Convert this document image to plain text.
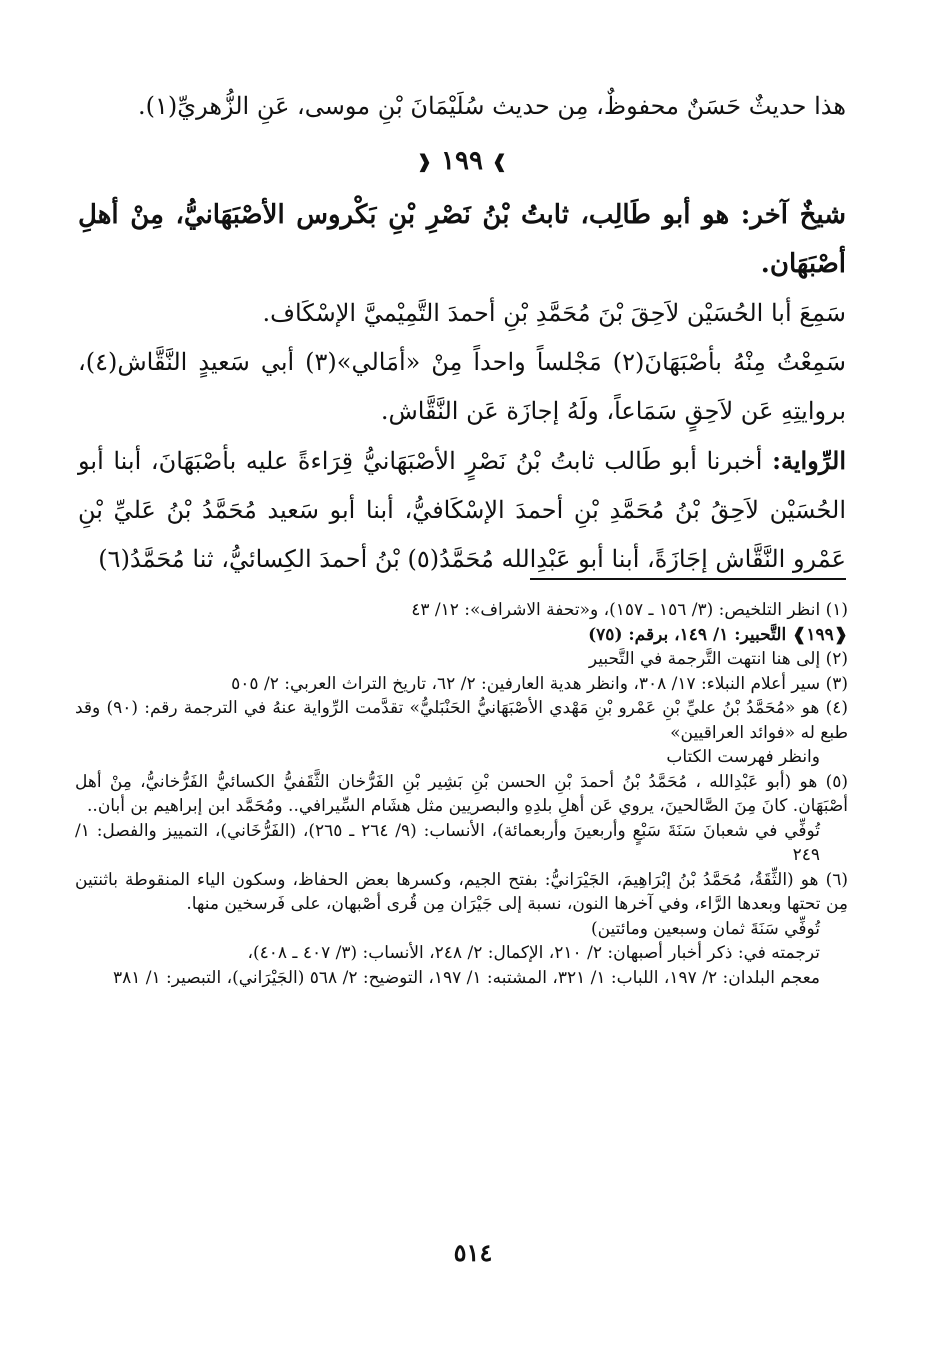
هذا حديثٌ حَسَنٌ محفوظٌ، مِن حديث سُلَيْمَانَ بْنِ موسى، عَنِ الزُّهريِّ(١).

❱ ١٩٩ ❰

شيخٌ آخر: هو أبو طَالِب، ثابتُ بْنُ نَصْرِ بْنِ بَكْروس الأصْبَهَانيُّ، مِنْ أهلِ أصْبَهَان.

سَمِعَ أبا الحُسَيْن لاَحِقَ بْنَ مُحَمَّدِ بْنِ أحمدَ التَّمِيْميَّ الإسْكَاف.

سَمِعْتُ مِنْهُ بأصْبَهَانَ(٢) مَجْلساً واحداً مِنْ «أمَالي»(٣) أبي سَعيدٍ النَّقَّاش(٤)، بروايتِهِ عَن لاَحِقٍ سَمَاعاً، ولَهُ إجازَة عَن النَّقَّاش.

الرِّواية: أخبرنا أبو طَالب ثابتُ بْنُ نَصْرٍ الأصْبَهَانيُّ قِرَاءةً عليه بأصْبَهَانَ، أبنا أبو الحُسَيْن لاَحِقُ بْنُ مُحَمَّدِ بْنِ أحمدَ الإسْكَافيُّ، أبنا أبو سَعيد مُحَمَّدُ بْنُ عَليِّ بْنِ عَمْرو النَّقَّاش إجَازَةً، أبنا أبو عَبْدِالله مُحَمَّدُ(٥) بْنُ أحمدَ الكِسائيُّ، ثنا مُحَمَّدُ(٦)

(١) انظر التلخيص: (٣/ ١٥٦ ـ ١٥٧)، و«تحفة الاشراف»: ١٢/ ٤٣

❰١٩٩❱ التَّحبير: ١/ ١٤٩، برقم: (٧٥)

(٢) إلى هنا انتهت التَّرجمة في التَّحبير

(٣) سير أعلام النبلاء: ١٧/ ٣٠٨، وانظر هدية العارفين: ٢/ ٦٢، تاريخ التراث العربي: ٢/ ٥٠٥

(٤) هو «مُحَمَّدُ بْنُ عليِّ بْنِ عَمْرو بْنِ مَهْدي الأصْبَهَانيُّ الحَنْبَليُّ» تقدَّمت الرِّواية عنهُ في الترجمة رقم: (٩٠) وقد طبع له «فوائد العراقيين»

وانظر فهرست الكتاب

(٥) هو (أبو عَبْدِالله ، مُحَمَّدُ بْنُ أحمدَ بْنِ الحسن بْنِ بَشِير بْنِ الفَرُّخان الثَّقَفيُّ الكسائيُّ الفَرُّخانيُّ، مِنْ أهل أصْبَهَان. كانَ مِنَ الصَّالحينَ، يروي عَن أهلِ بلدِهِ والبصريين مثل هشَام السِّيرافي.. ومُحَمَّد ابن إبراهيم بن أبان..

تُوفِّي في شعبانَ سَنَةَ سَبْعٍ وأربعينَ وأربعمائة)، الأنساب: (٩/ ٢٦٤ ـ ٢٦٥)، (الفَرُّخَاني)، التمييز والفصل: ١/ ٢٤٩

(٦) هو (الثِّقَةُ، مُحَمَّدُ بْنُ إبْرَاهِيمَ، الجَيْرَانيُّ: بفتح الجيم، وكسرها بعض الحفاظ، وسكون الياء المنقوطة باثنتين مِن تحتها وبعدها الرَّاء، وفي آخرها النون، نسبة إلى جَيْرَان مِن قُرى أصْبهان، على فَرسخين منها.

تُوفِّي سَنَةَ ثمان وسبعين ومائتين)

ترجمته في: ذكر أخبار أصبهان: ٢/ ٢١٠، الإكمال: ٢/ ٢٤٨، الأنساب: (٣/ ٤٠٧ ـ ٤٠٨)،

معجم البلدان: ٢/ ١٩٧، اللباب: ١/ ٣٢١، المشتبه: ١/ ١٩٧، التوضيح: ٢/ ٥٦٨ (الجَيْرَاني)، التبصير: ١/ ٣٨١

٥١٤
